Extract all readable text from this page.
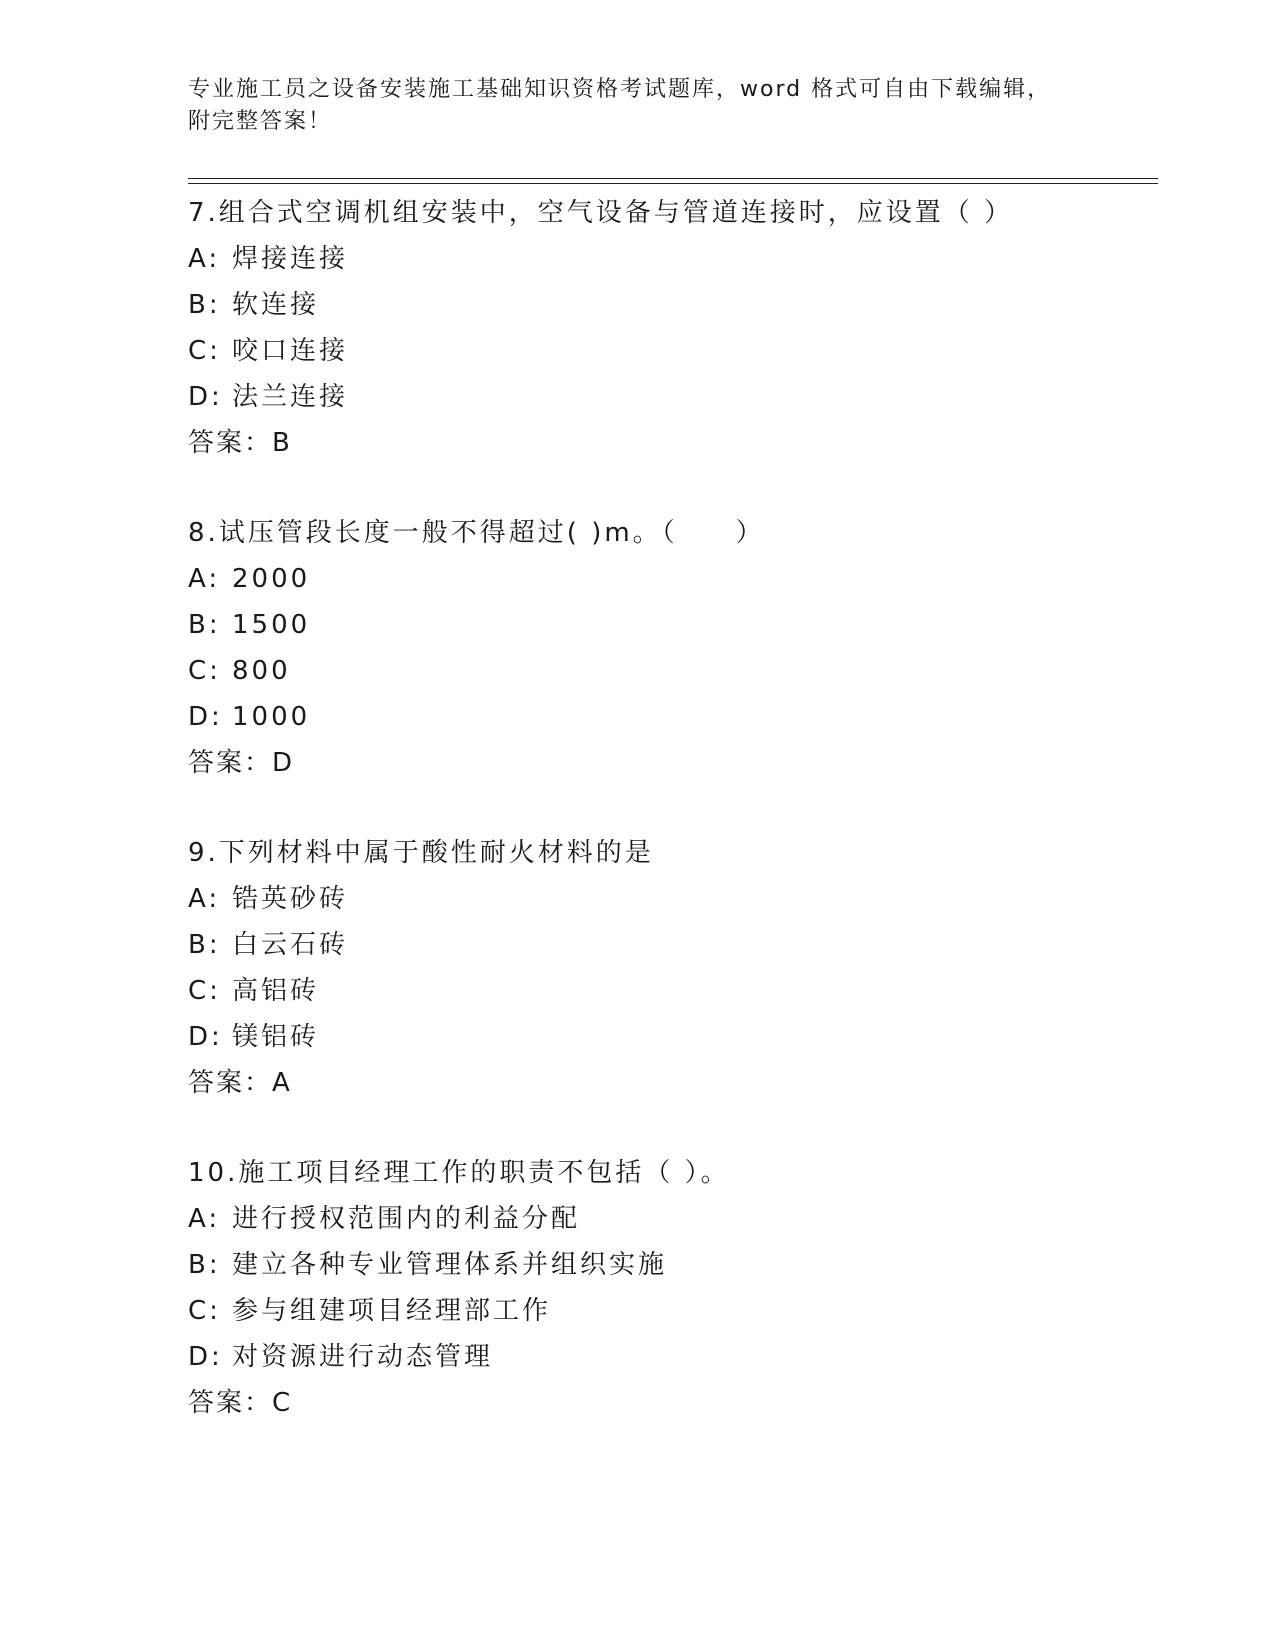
专业施工员之设备安装施工基础知识资格考试题库，word 格式可自由下载编辑，

附完整答案！

7.组合式空调机组安装中，空气设备与管道连接时，应设置（ ）

A: 焊接连接

B: 软连接

C: 咬口连接

D: 法兰连接

答案：B

8.试压管段长度一般不得超过( )m。（　　）

A: 2000

B: 1500

C: 800

D: 1000

答案：D

9.下列材料中属于酸性耐火材料的是

A: 锆英砂砖

B: 白云石砖

C: 高铝砖

D: 镁铝砖

答案：A

10.施工项目经理工作的职责不包括（ ）。

A: 进行授权范围内的利益分配

B: 建立各种专业管理体系并组织实施

C: 参与组建项目经理部工作

D: 对资源进行动态管理

答案：C
